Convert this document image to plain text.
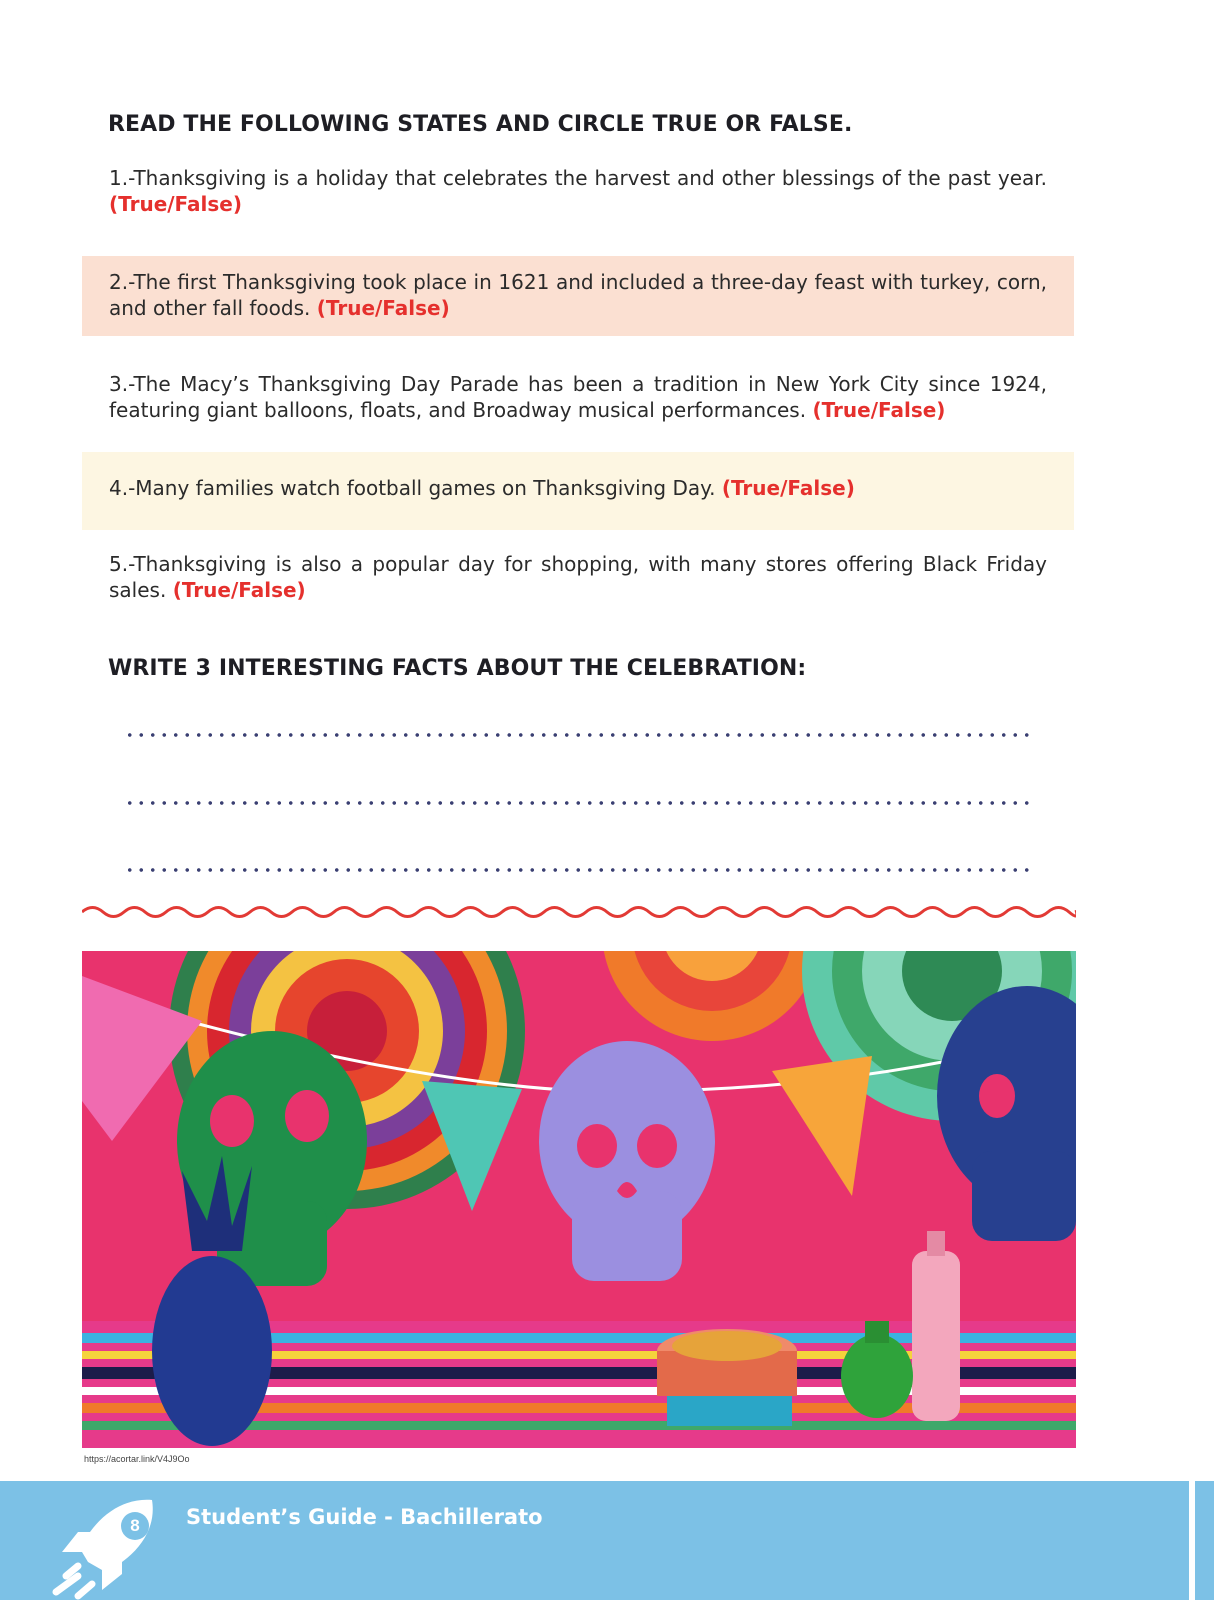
READ THE FOLLOWING STATES AND CIRCLE TRUE OR FALSE.
1.-Thanksgiving is a holiday that celebrates the harvest and other blessings of the past year. (True/False)
2.-The first Thanksgiving took place in 1621 and included a three-day feast with turkey, corn, and other fall foods. (True/False)
3.-The Macy’s Thanksgiving Day Parade has been a tradition in New York City since 1924, featuring giant balloons, floats, and Broadway musical performances. (True/False)
4.-Many families watch football games on Thanksgiving Day. (True/False)
5.-Thanksgiving is also a popular day for shopping, with many stores offering Black Friday sales. (True/False)
WRITE 3 INTERESTING FACTS ABOUT THE CELEBRATION:
https://acortar.link/V4J9Oo
8	Student’s Guide - Bachillerato
